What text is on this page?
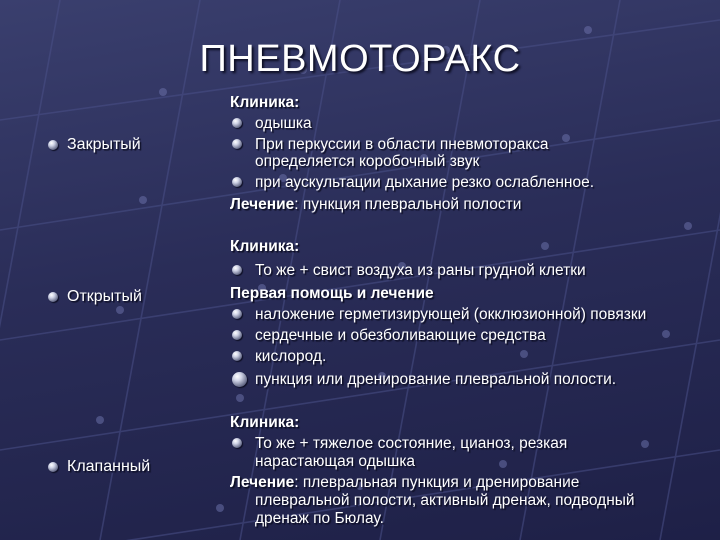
ПНЕВМОТОРАКС
Закрытый
Открытый
Клапанный
Клиника:
одышка
При перкуссии в области пневмоторакса
определяется коробочный звук
при аускультации дыхание резко ослабленное.
Лечение: пункция плевральной полости
Клиника:
То же + свист воздуха из раны грудной клетки
Первая помощь и лечение
наложение герметизирующей (окклюзионной) повязки
сердечные и обезболивающие средства
кислород.
пункция или дренирование плевральной полости.
Клиника:
То же + тяжелое состояние, цианоз, резкая
нарастающая одышка
Лечение: плевральная пункция и дренирование
плевральной полости, активный дренаж, подводный
дренаж по Бюлау.
